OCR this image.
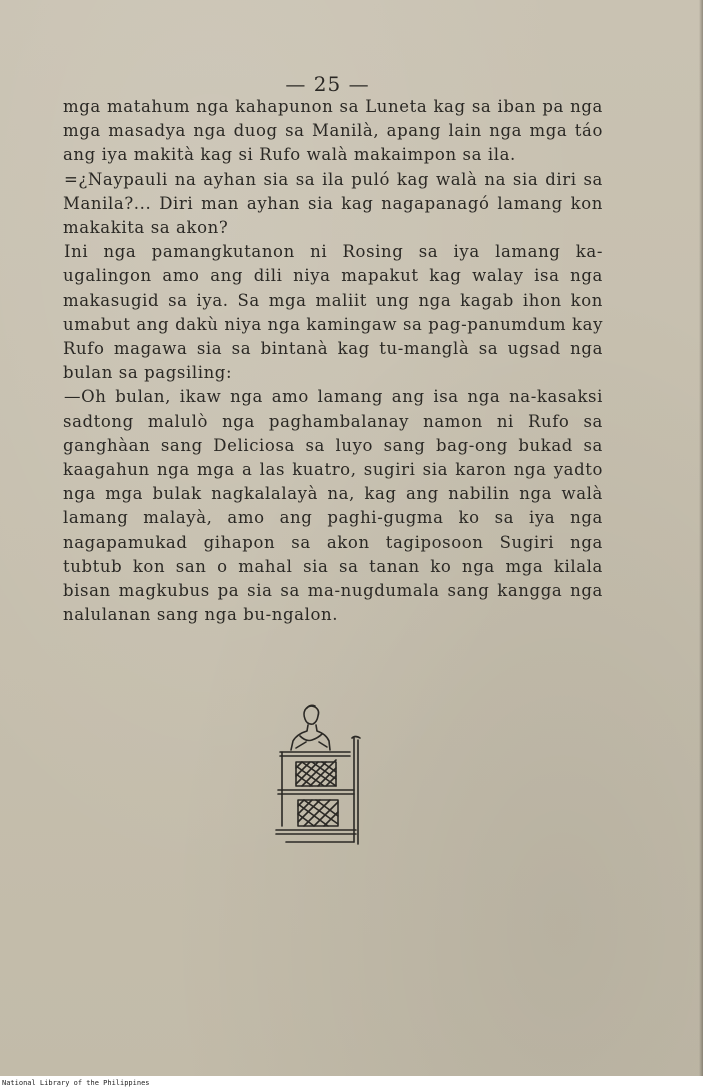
— 25 —

mga matahum nga kahapunon sa Luneta kag sa iban pa nga mga masadya nga duog sa Manilà, apang lain nga mga táo ang iya makità kag si Rufo walà makaimpon sa ila.

=¿Naypauli na ayhan sia sa ila puló kag walà na sia diri sa Manila?... Diri man ayhan sia kag nagapanagó lamang kon makakita sa akon?

Ini nga pamangkutanon ni Rosing sa iya lamang ka-ugalingon amo ang dili niya mapakut kag walay isa nga makasugid sa iya. Sa mga maliit ung nga kagab ihon kon umabut ang dakù niya nga kamingaw sa pag-panumdum kay Rufo magawa sia sa bintanà kag tu-manglà sa ugsad nga bulan sa pagsiling:

—Oh bulan, ikaw nga amo lamang ang isa nga na-kasaksi sadtong malulò nga paghambalanay namon ni Rufo sa ganghàan sang Deliciosa sa luyo sang bag-ong bukad sa kaagahun nga mga a las kuatro, sugiri sia karon nga yadto nga mga bulak nagkalalayà na, kag ang nabilin nga walà lamang malayà, amo ang paghi-gugma ko sa iya nga nagapamukad gihapon sa akon tagiposoon Sugiri nga tubtub kon san o mahal sia sa tanan ko nga mga kilala bisan magkubus pa sia sa ma-nugdumala sang kangga nga nalulanan sang nga bu-ngalon.

National Library of the Philippines
